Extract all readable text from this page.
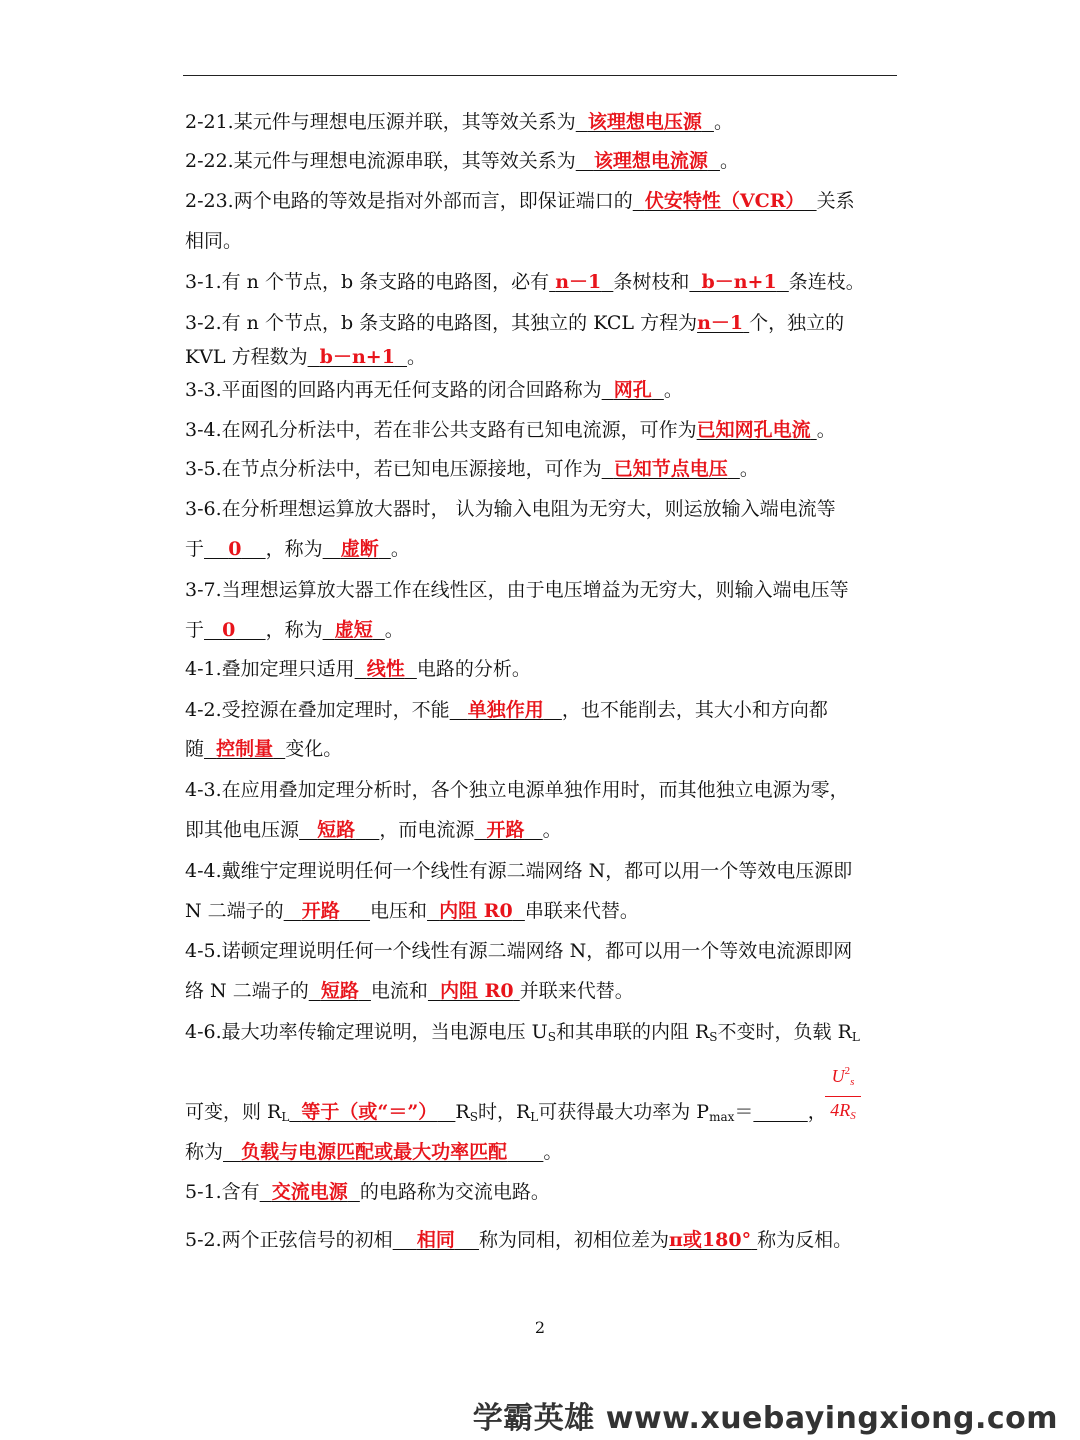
2-21.某元件与理想电压源并联，其等效关系为 该理想电压源 。
2-22.某元件与理想电流源串联，其等效关系为 该理想电流源 。
2-23.两个电路的等效是指对外部而言，即保证端口的 伏安特性（VCR） 关系
相同。
3-1.有 n 个节点，b 条支路的电路图，必有 n－1 条树枝和 b－n+1 条连枝。
3-2.有 n 个节点，b 条支路的电路图，其独立的 KCL 方程为n－1 个，独立的
KVL 方程数为 b－n+1 。
3-3.平面图的回路内再无任何支路的闭合回路称为 网孔 。
3-4.在网孔分析法中，若在非公共支路有已知电流源，可作为已知网孔电流 。
3-5.在节点分析法中，若已知电压源接地，可作为 已知节点电压 。
3-6.在分析理想运算放大器时， 认为输入电阻为无穷大，则运放输入端电流等
于 0 ，称为 虚断 。
3-7.当理想运算放大器工作在线性区，由于电压增益为无穷大，则输入端电压等
于 0 ，称为 虚短 。
4-1.叠加定理只适用 线性 电路的分析。
4-2.受控源在叠加定理时，不能 单独作用 ，也不能削去，其大小和方向都
随 控制量 变化。
4-3.在应用叠加定理分析时，各个独立电源单独作用时，而其他独立电源为零，
即其他电压源 短路 ，而电流源 开路 。
4-4.戴维宁定理说明任何一个线性有源二端网络 N，都可以用一个等效电压源即
N 二端子的 开路 电压和 内阻 R0 串联来代替。
4-5.诺顿定理说明任何一个线性有源二端网络 N，都可以用一个等效电流源即网
络 N 二端子的 短路 电流和 内阻 R0 并联来代替。
4-6.最大功率传输定理说明，当电源电压 $U_S$和其串联的内阻 $R_S$不变时，负载 $R_L$
$U^2s$
4RS
可变，则 $R_L$ 等于（或“＝”） $R_S$时，$R_L$可获得最大功率为 $P_{max}=$	，
称为 负载与电源匹配或最大功率匹配 。
5-1.含有 交流电源 的电路称为交流电路。
5-2.两个正弦信号的初相 相同 称为同相，初相位差为π或180° 称为反相。
2
学霸英雄 www.xuebayingxiong.com
